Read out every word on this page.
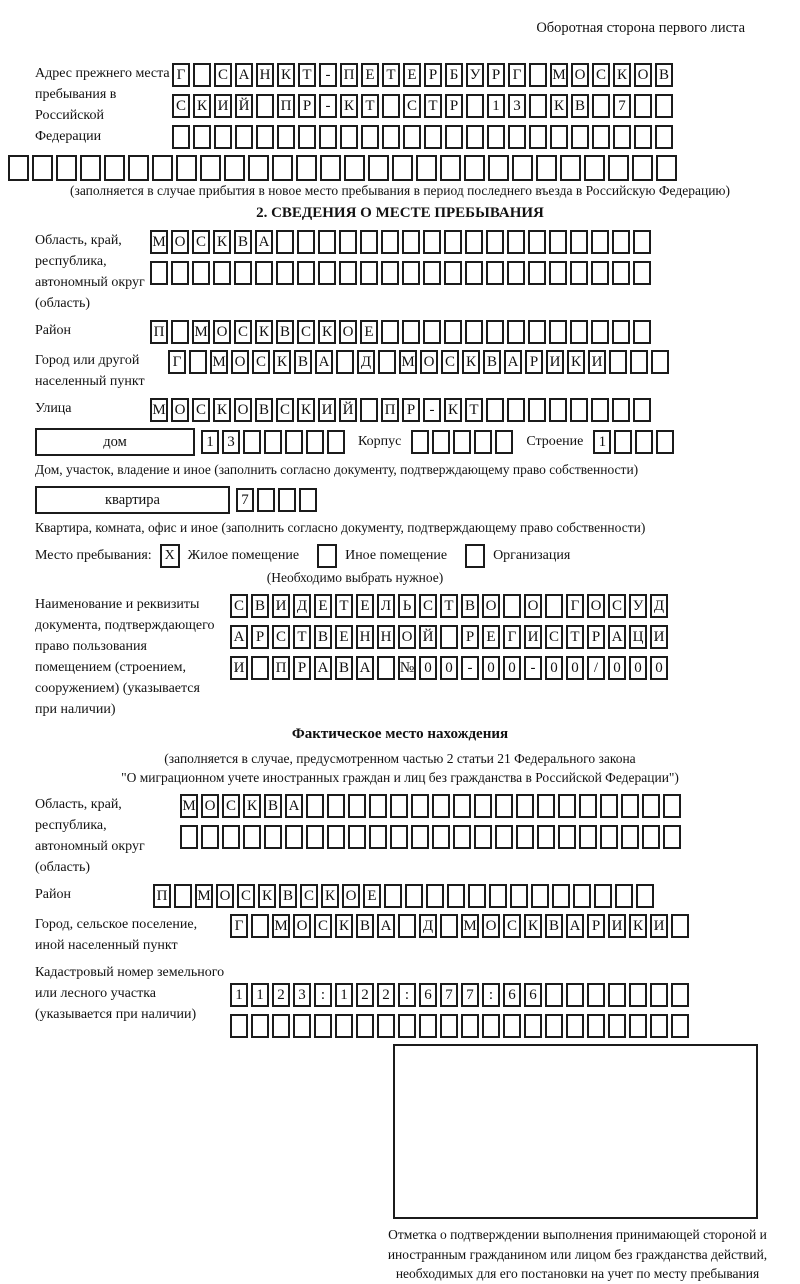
Оборотная сторона первого листа
Адрес прежнего места пребывания в Российской Федерации
Г	С А Н К Т - П Е Т Е Р Б У Р Г	М О С К О В
С К И Й П Р - К Т С Т Р	1 3	К В	7
(заполняется в случае прибытия в новое место пребывания в период последнего въезда в Российскую Федерацию)
2. СВЕДЕНИЯ О МЕСТЕ ПРЕБЫВАНИЯ
Область, край, республика, автономный округ (область)
М О С К В А
Район	П М О С К В С К О Е
Город или другой населенный пункт
Г	М О С К В А Д М О С К В А Р И К И
Улица	М О С К О В С К И Й П Р - К Т
дом	1 3	Корпус	Строение	1
Дом, участок, владение и иное (заполнить согласно документу, подтверждающему право собственности)
квартира	7
Квартира, комната, офис и иное (заполнить согласно документу, подтверждающему право собственности)
Место пребывания: X Жилое помещение	Иное помещение	Организация
(Необходимо выбрать нужное)
Наименование и реквизиты документа, подтверждающего право пользования помещением (строением, сооружением) (указывается при наличии)
С В И Д Е Т Е Л Ь С Т В О О	Г О С У Д
А Р С Т В Е Н Н О Й	Р Е Г И С Т Р А Ц И
И П Р А В А № 0 0 - 0 0 - 0 0	/	0 0 0
Фактическое место нахождения
(заполняется в случае, предусмотренном частью 2 статьи 21 Федерального закона
"О миграционном учете иностранных граждан и лиц без гражданства в Российской Федерации")
Область, край, республика, автономный округ (область)
М О С К В А
Район	П М О С К В С К О Е
Город, сельское поселение, иной населенный пункт
Г	М О С К В А Д М О С К В А Р И К И
Кадастровый номер земельного или лесного участка (указывается при наличии)
1 1 2 3	:	1 2 2	:	6 7 7	:	6 6
Отметка о подтверждении выполнения принимающей стороной и иностранным гражданином или лицом без гражданства действий, необходимых для его постановки на учет по месту пребывания
